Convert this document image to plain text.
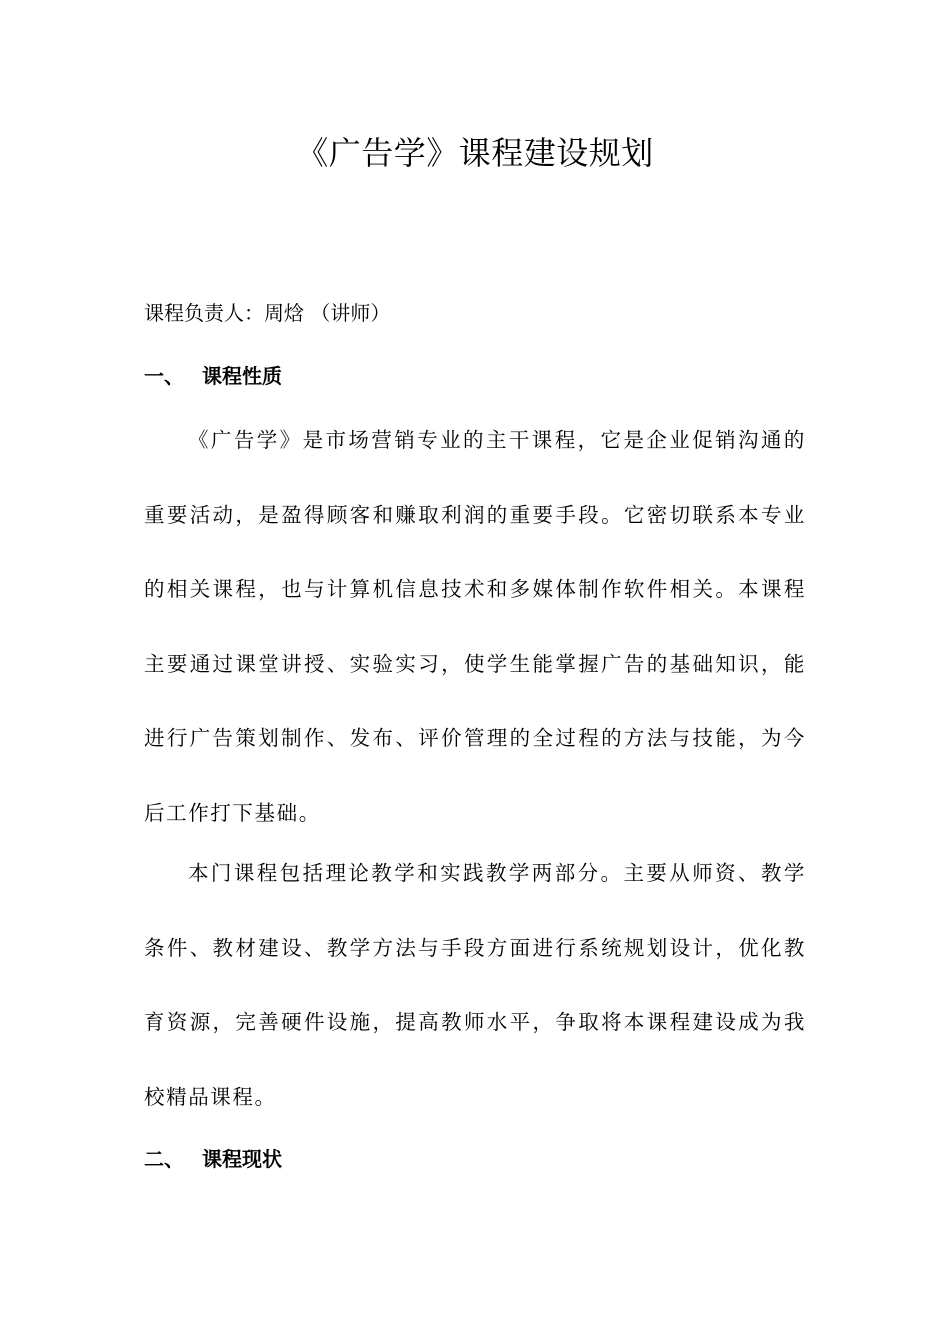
《广告学》课程建设规划

课程负责人：周焓 （讲师）

一、 课程性质

《广告学》是市场营销专业的主干课程，它是企业促销沟通的重要活动，是盈得顾客和赚取利润的重要手段。它密切联系本专业的相关课程，也与计算机信息技术和多媒体制作软件相关。本课程主要通过课堂讲授、实验实习，使学生能掌握广告的基础知识，能进行广告策划制作、发布、评价管理的全过程的方法与技能，为今后工作打下基础。

本门课程包括理论教学和实践教学两部分。主要从师资、教学条件、教材建设、教学方法与手段方面进行系统规划设计，优化教育资源，完善硬件设施，提高教师水平，争取将本课程建设成为我校精品课程。

二、 课程现状
